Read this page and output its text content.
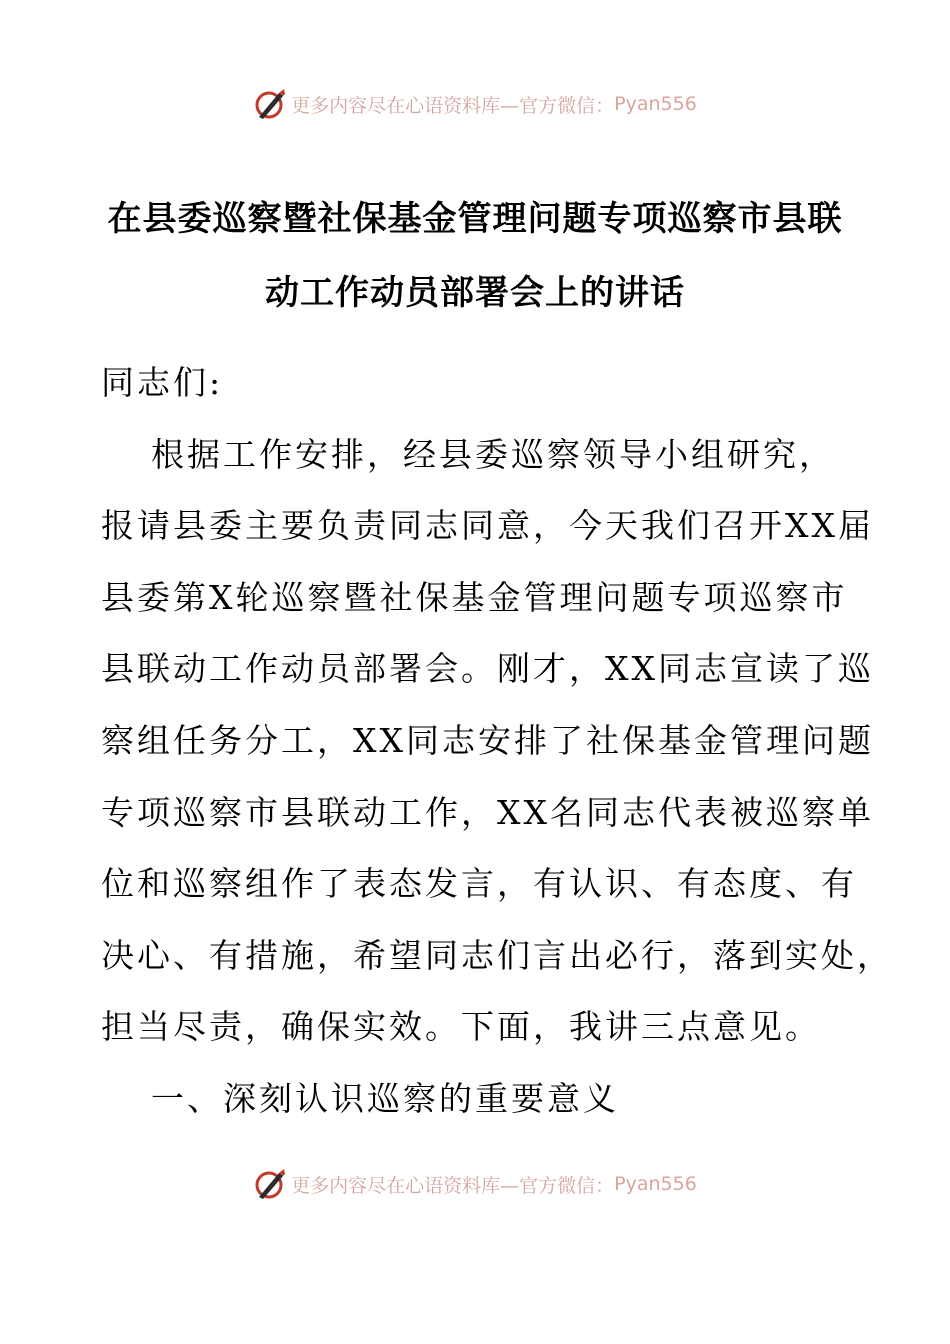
更多内容尽在心语资料库—官方微信： Pyan556
在县委巡察暨社保基金管理问题专项巡察市县联
动工作动员部署会上的讲话
同志们:
根据工作安排，经县委巡察领导小组研究，
报请县委主要负责同志同意，今天我们召开XX届
县委第X轮巡察暨社保基金管理问题专项巡察市
县联动工作动员部署会。刚才，XX同志宣读了巡
察组任务分工，XX同志安排了社保基金管理问题
专项巡察市县联动工作，XX名同志代表被巡察单
位和巡察组作了表态发言，有认识、有态度、有
决心、有措施，希望同志们言出必行，落到实处，
担当尽责，确保实效。下面，我讲三点意见。
一、深刻认识巡察的重要意义
更多内容尽在心语资料库—官方微信： Pyan556
